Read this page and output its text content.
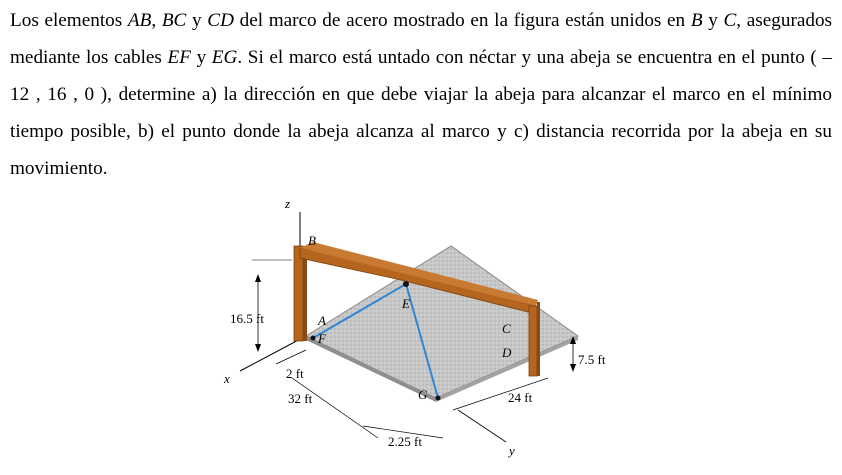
Los elementos AB, BC y CD del marco de acero mostrado en la figura están unidos en B y C, asegurados mediante los cables EF y EG. Si el marco está untado con néctar y una abeja se encuentra en el punto ( – 12 , 16 , 0 ), determine a) la dirección en que debe viajar la abeja para alcanzar el marco en el mínimo tiempo posible, b) el punto donde la abeja alcanza al marco y c) distancia recorrida por la abeja en su movimiento.

z
x
y
B
A
F
E
C
D
G
16.5 ft
2 ft
32 ft
2.25 ft
24 ft
7.5 ft
